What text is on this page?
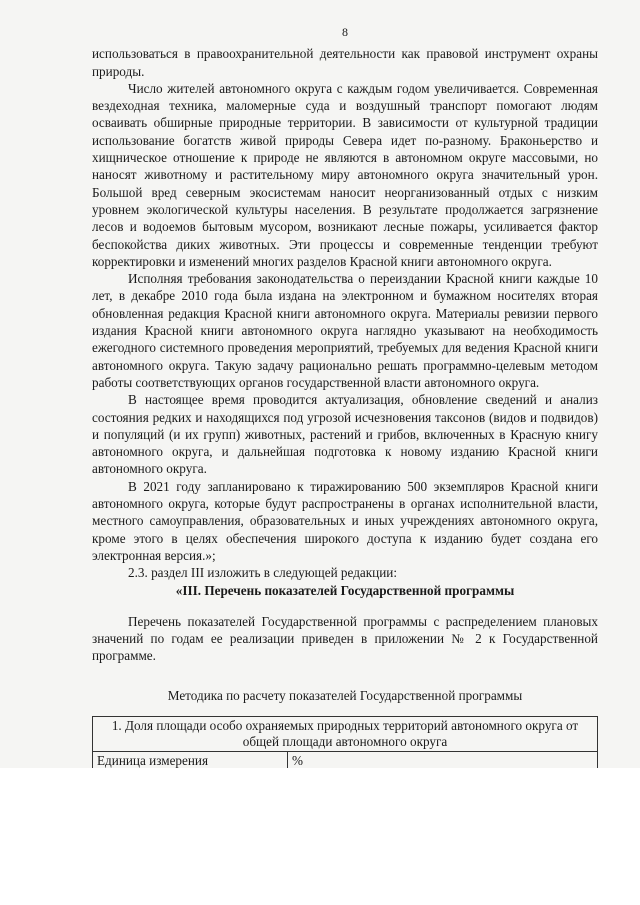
8

использоваться в правоохранительной деятельности как правовой инструмент охраны природы.

Число жителей автономного округа с каждым годом увеличивается. Современная вездеходная техника, маломерные суда и воздушный транспорт помогают людям осваивать обширные природные территории. В зависимости от культурной традиции использование богатств живой природы Севера идет по-разному. Браконьерство и хищническое отношение к природе не являются в автономном округе массовыми, но наносят животному и растительному миру автономного округа значительный урон. Большой вред северным экосистемам наносит неорганизованный отдых с низким уровнем экологической культуры населения. В результате продолжается загрязнение лесов и водоемов бытовым мусором, возникают лесные пожары, усиливается фактор беспокойства диких животных. Эти процессы и современные тенденции требуют корректировки и изменений многих разделов Красной книги автономного округа.

Исполняя требования законодательства о переиздании Красной книги каждые 10 лет, в декабре 2010 года была издана на электронном и бумажном носителях вторая обновленная редакция Красной книги автономного округа. Материалы ревизии первого издания Красной книги автономного округа наглядно указывают на необходимость ежегодного системного проведения мероприятий, требуемых для ведения Красной книги автономного округа. Такую задачу рационально решать программно-целевым методом работы соответствующих органов государственной власти автономного округа.

В настоящее время проводится актуализация, обновление сведений и анализ состояния редких и находящихся под угрозой исчезновения таксонов (видов и подвидов) и популяций (и их групп) животных, растений и грибов, включенных в Красную книгу автономного округа, и дальнейшая подготовка к новому изданию Красной книги автономного округа.

В 2021 году запланировано к тиражированию 500 экземпляров Красной книги автономного округа, которые будут распространены в органах исполнительной власти, местного самоуправления, образовательных и иных учреждениях автономного округа, кроме этого в целях обеспечения широкого доступа к изданию будет создана его электронная версия.»;

2.3. раздел III изложить в следующей редакции:

«III. Перечень показателей Государственной программы

Перечень показателей Государственной программы с распределением плановых значений по годам ее реализации приведен в приложении № 2 к Государственной программе.

Методика по расчету показателей Государственной программы

1. Доля площади особо охраняемых природных территорий автономного округа от общей площади автономного округа	
Единица измерения	%
